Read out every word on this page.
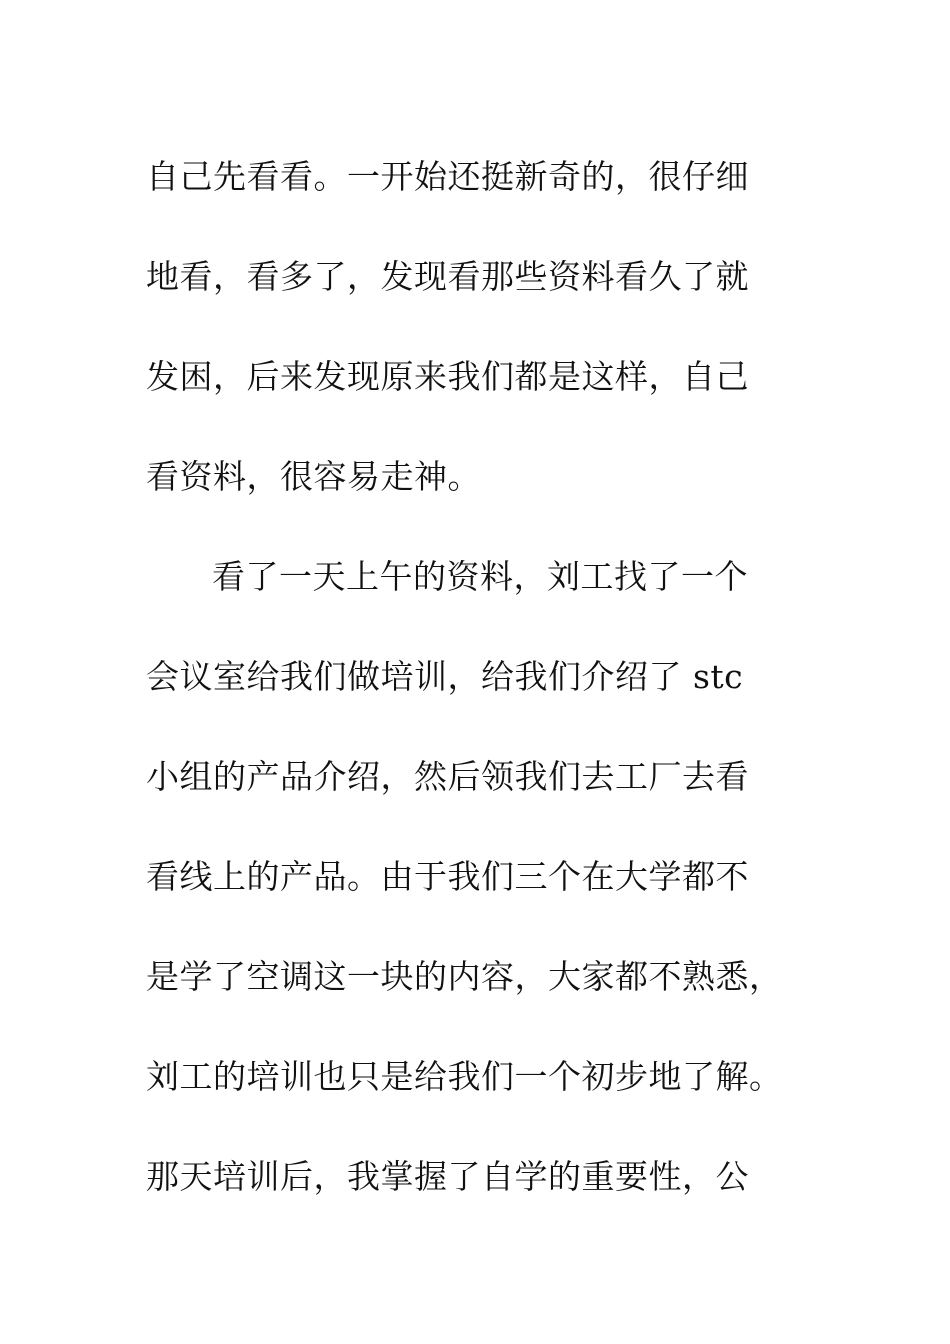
自己先看看。一开始还挺新奇的，很仔细
地看，看多了，发现看那些资料看久了就
发困，后来发现原来我们都是这样，自己
看资料，很容易走神。
看了一天上午的资料，刘工找了一个
会议室给我们做培训，给我们介绍了 stc
小组的产品介绍，然后领我们去工厂去看
看线上的产品。由于我们三个在大学都不
是学了空调这一块的内容，大家都不熟悉，
刘工的培训也只是给我们一个初步地了解。
那天培训后，我掌握了自学的重要性，公
